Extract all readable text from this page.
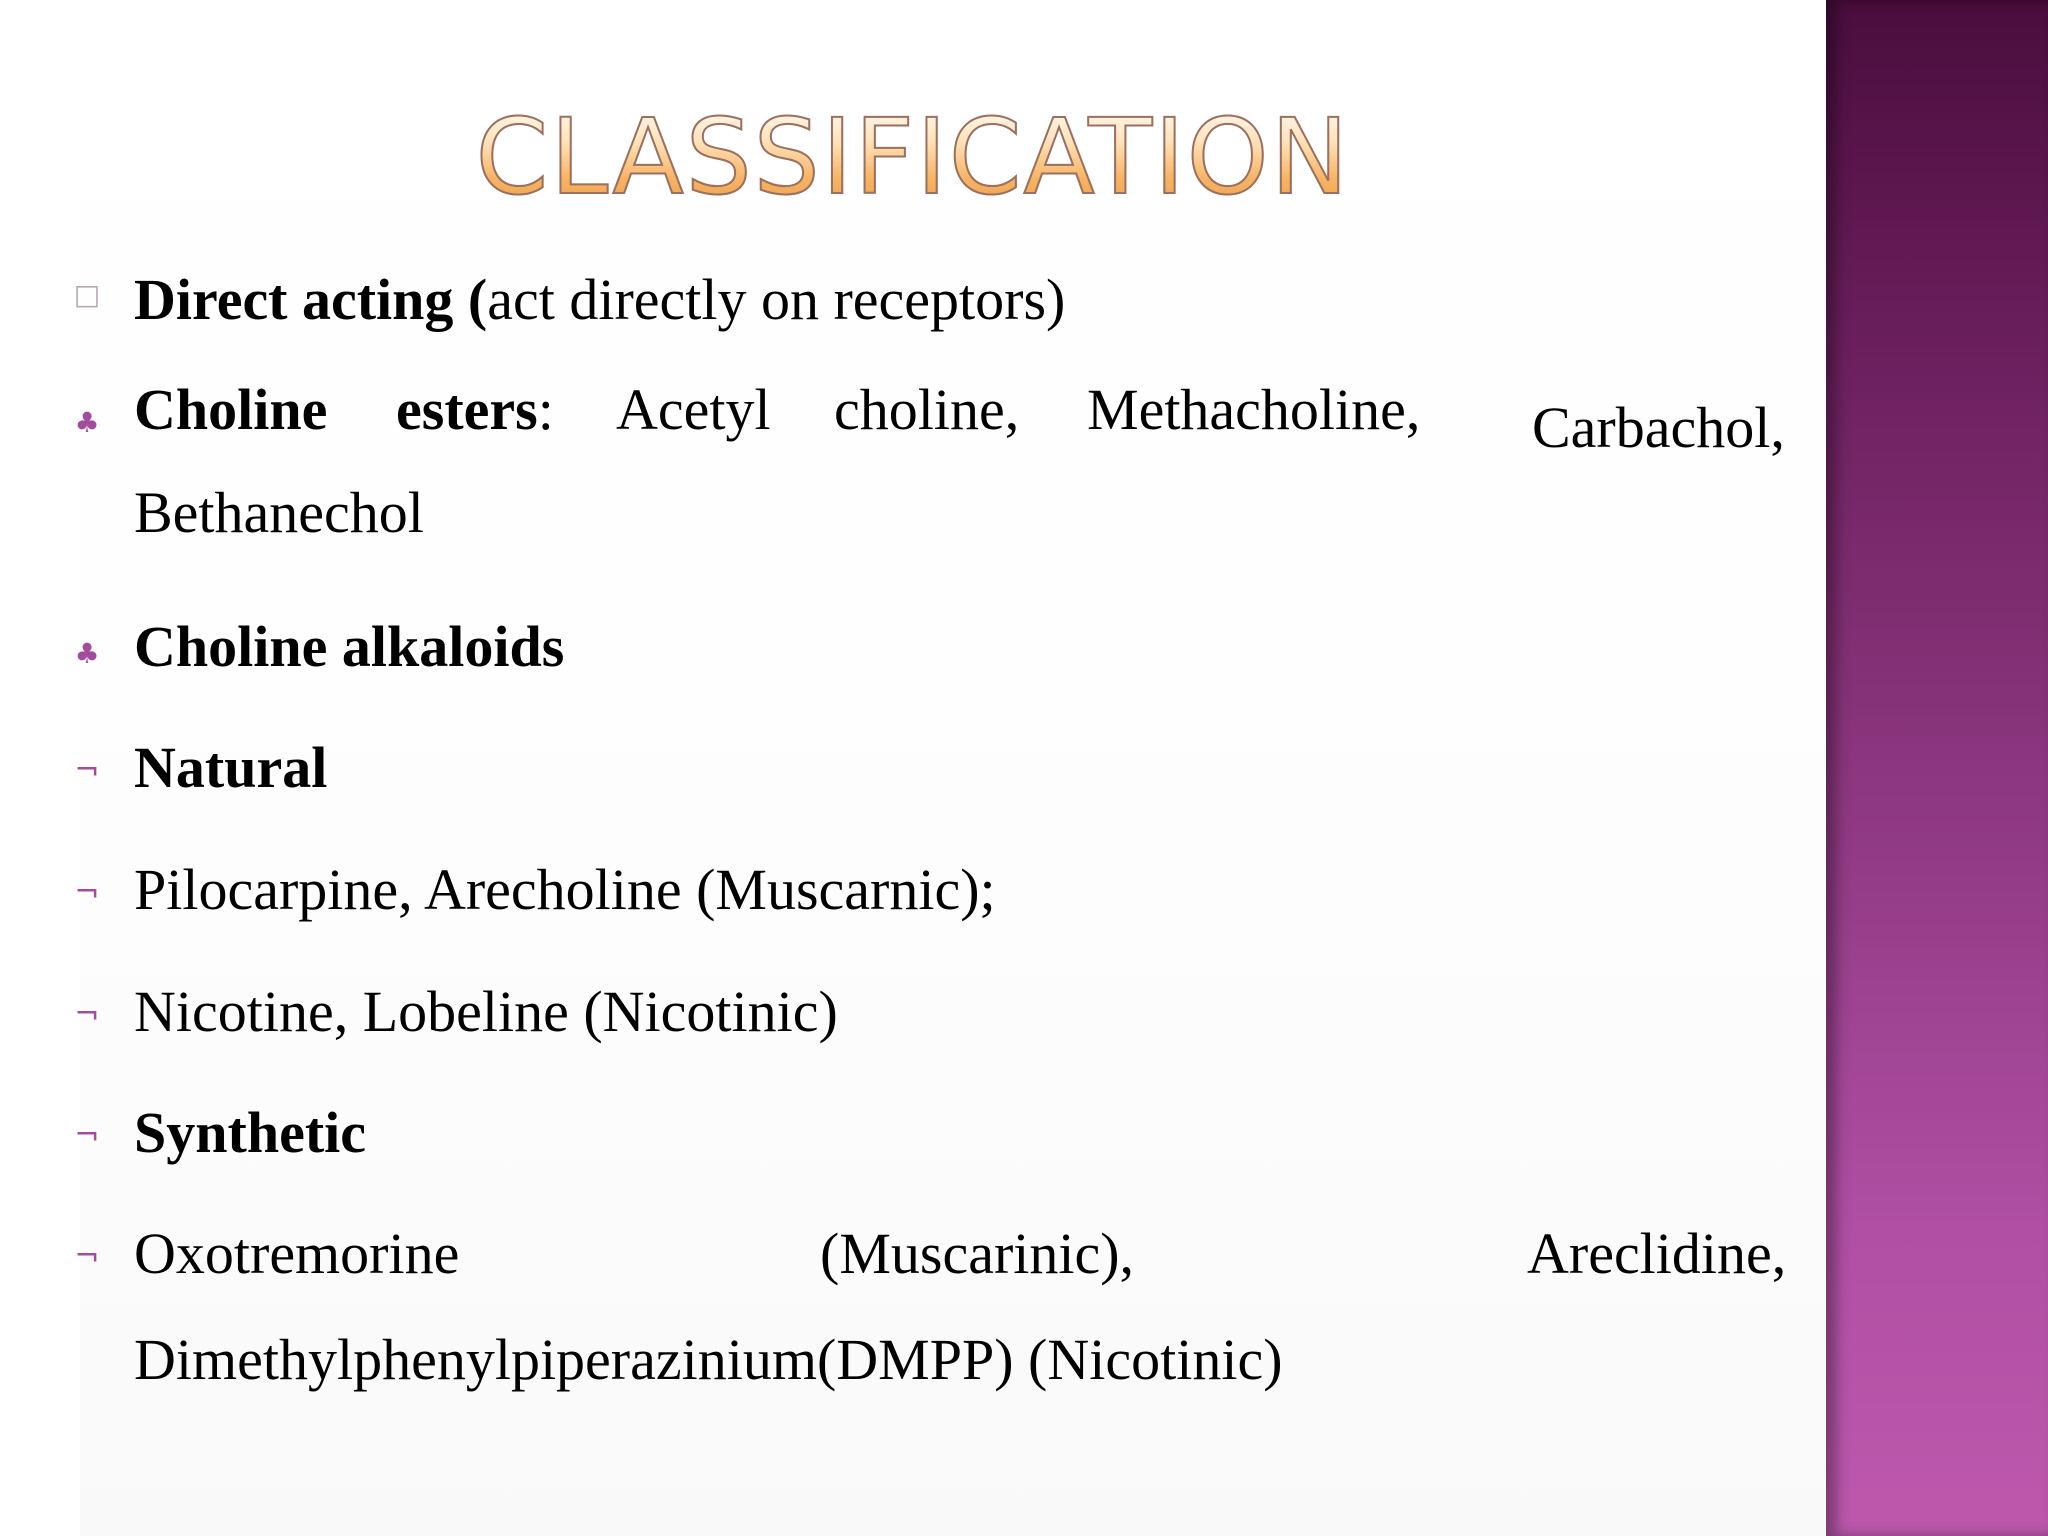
CLASSIFICATION
□ Direct acting (act directly on receptors)
♣ Choline esters: Acetyl choline, Methacholine, Carbachol,
Bethanechol
♣ Choline alkaloids
¬ Natural
¬ Pilocarpine, Arecholine (Muscarnic);
¬ Nicotine, Lobeline (Nicotinic)
¬ Synthetic
¬ Oxotremorine	(Muscarinic),	Areclidine,
Dimethylphenylpiperazinium(DMPP) (Nicotinic)
